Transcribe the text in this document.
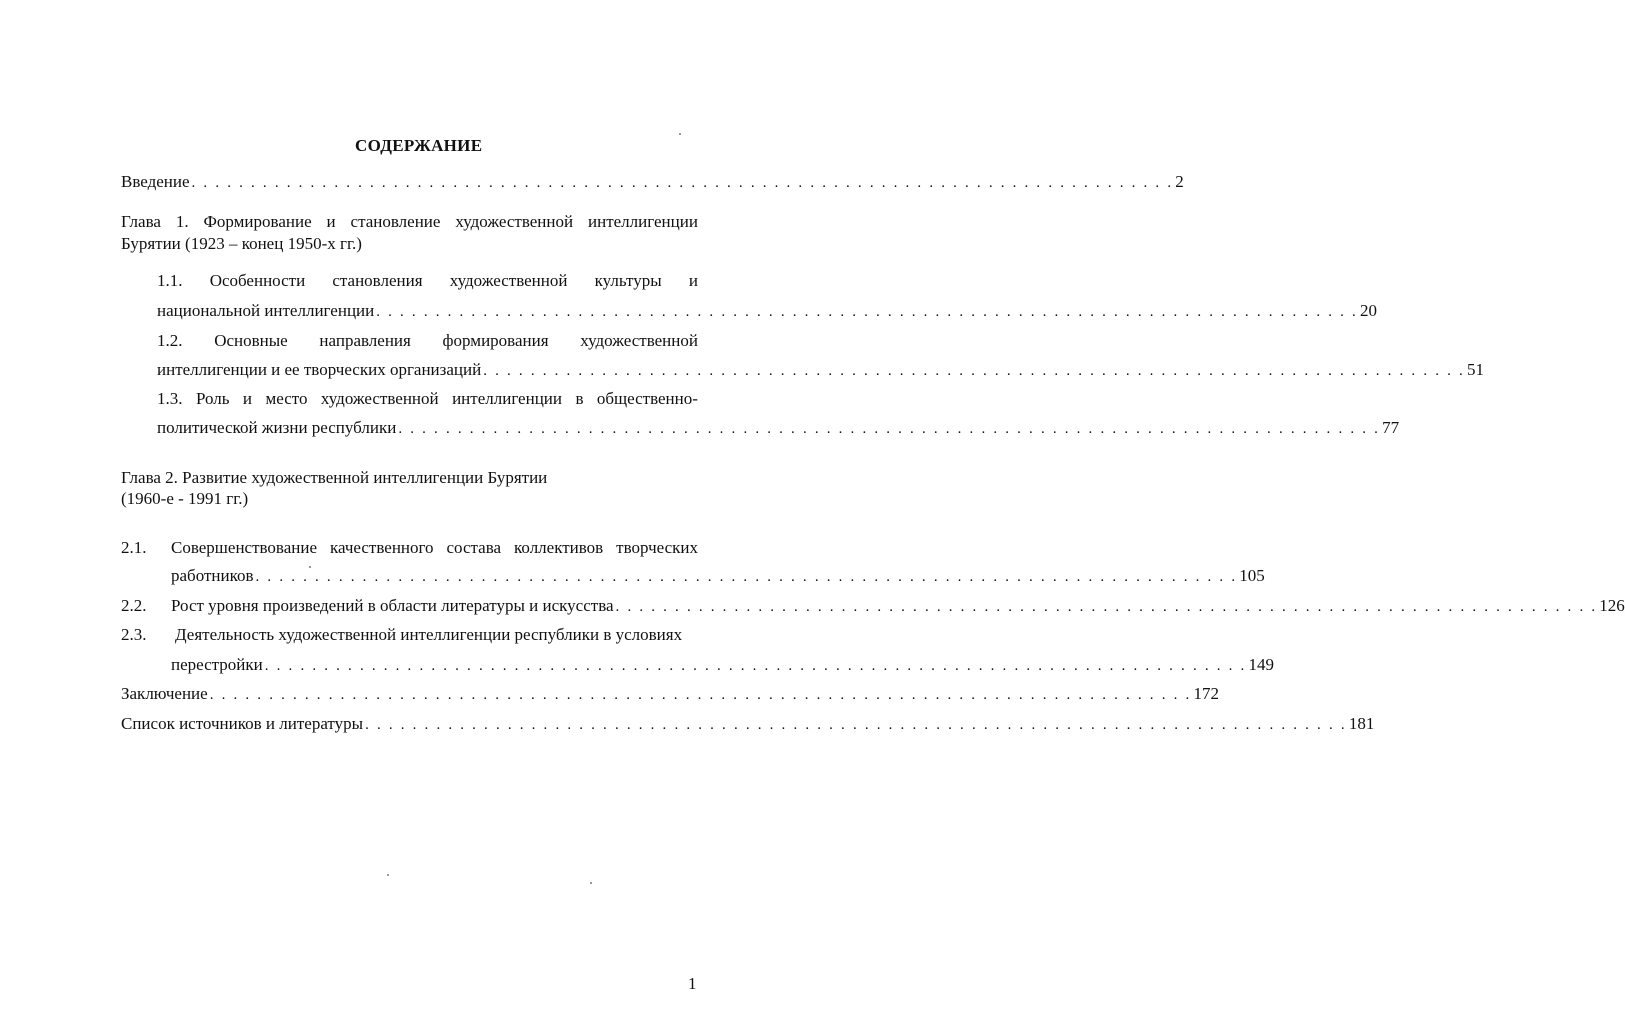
СОДЕРЖАНИЕ
Введение . . . . . . . . . . . . . . . . . . . . . . . . . . . . . . . . . . . . . . . . . . . . . . . . . . . . . . . . . . . . . . . . . . . . . . . . . . . . . . . . . . . 2
Глава 1. Формирование и становление художественной интеллигенции
Бурятии (1923 – конец 1950-х гг.)
1.1. Особенности становления художественной культуры и
национальной интеллигенции . . . . . . . . . . . . . . . . . . . . . . . . . . . . . . . . . . . . . . . . . . . . . . . . . . . . . . . . . . . . . . . . . . . . . . . . . . . . . . . . . . . 20
1.2. Основные направления формирования художественной
интеллигенции и ее творческих организаций . . . . . . . . . . . . . . . . . . . . . . . . . . . . . . . . . . . . . . . . . . . . . . . . . . . . . . . . . . . . . . . . . . . . . . . . . . . . . . . . . . . 51
1.3. Роль и место художественной интеллигенции в общественно-
политической жизни республики . . . . . . . . . . . . . . . . . . . . . . . . . . . . . . . . . . . . . . . . . . . . . . . . . . . . . . . . . . . . . . . . . . . . . . . . . . . . . . . . . . . 77
Глава 2. Развитие художественной интеллигенции Бурятии
(1960-е - 1991 гг.)
2.1. Совершенствование качественного состава коллективов творческих
работников . . . . . . . . . . . . . . . . . . . . . . . . . . . . . . . . . . . . . . . . . . . . . . . . . . . . . . . . . . . . . . . . . . . . . . . . . . . . . . . . . . . 105
2.2. Рост уровня произведений в области литературы и искусства . . . . . . . . . . . . . . . . . . . . . . . . . . . . . . . . . . . . . . . . . . . . . . . . . . . . . . . . . . . . . . . . . . . . . . . . . . . . . . . . . . . 126
2.3. Деятельность художественной интеллигенции республики в условиях
перестройки . . . . . . . . . . . . . . . . . . . . . . . . . . . . . . . . . . . . . . . . . . . . . . . . . . . . . . . . . . . . . . . . . . . . . . . . . . . . . . . . . . . 149
Заключение . . . . . . . . . . . . . . . . . . . . . . . . . . . . . . . . . . . . . . . . . . . . . . . . . . . . . . . . . . . . . . . . . . . . . . . . . . . . . . . . . . . 172
Список источников и литературы . . . . . . . . . . . . . . . . . . . . . . . . . . . . . . . . . . . . . . . . . . . . . . . . . . . . . . . . . . . . . . . . . . . . . . . . . . . . . . . . . . . 181
1
